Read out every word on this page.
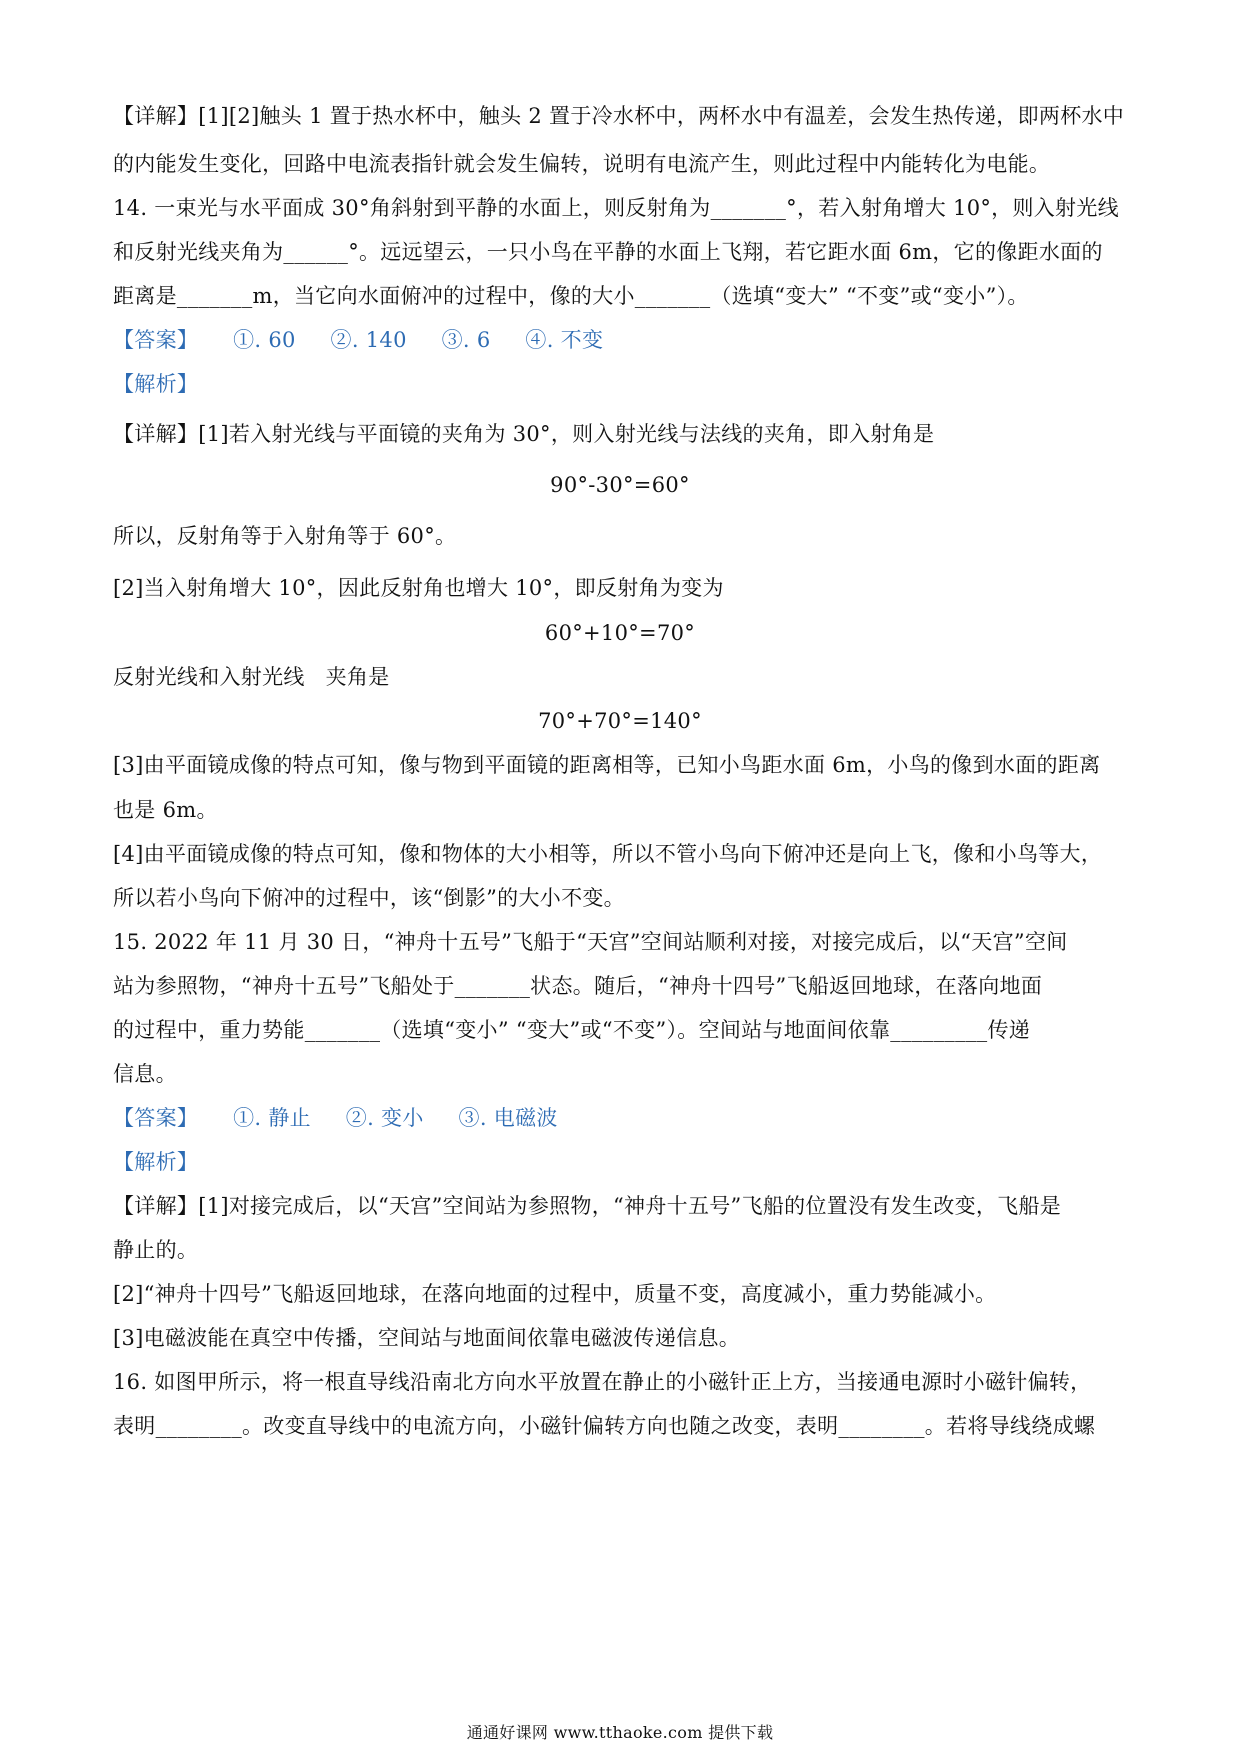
【详解】[1][2]触头 1 置于热水杯中，触头 2 置于冷水杯中，两杯水中有温差，会发生热传递，即两杯水中
的内能发生变化，回路中电流表指针就会发生偏转，说明有电流产生，则此过程中内能转化为电能。
14. 一束光与水平面成 30°角斜射到平静的水面上，则反射角为_______°，若入射角增大 10°，则入射光线
和反射光线夹角为______°。远远望云，一只小鸟在平静的水面上飞翔，若它距水面 6m，它的像距水面的
距离是_______m，当它向水面俯冲的过程中，像的大小_______（选填“变大” “不变”或“变小”）。
【答案】     ①. 60     ②. 140     ③. 6     ④. 不变
【解析】
【详解】[1]若入射光线与平面镜的夹角为 30°，则入射光线与法线的夹角，即入射角是
90°-30°=60°
所以，反射角等于入射角等于 60°。
[2]当入射角增大 10°，因此反射角也增大 10°，即反射角为变为
60°+10°=70°
反射光线和入射光线   夹角是
70°+70°=140°
[3]由平面镜成像的特点可知，像与物到平面镜的距离相等，已知小鸟距水面 6m，小鸟的像到水面的距离
也是 6m。
[4]由平面镜成像的特点可知，像和物体的大小相等，所以不管小鸟向下俯冲还是向上飞，像和小鸟等大，
所以若小鸟向下俯冲的过程中，该“倒影”的大小不变。
15. 2022 年 11 月 30 日，“神舟十五号”飞船于“天宫”空间站顺利对接，对接完成后，以“天宫”空间
站为参照物，“神舟十五号”飞船处于_______状态。随后，“神舟十四号”飞船返回地球，在落向地面
的过程中，重力势能_______（选填“变小” “变大”或“不变”）。空间站与地面间依靠_________传递
信息。
【答案】     ①. 静止     ②. 变小     ③. 电磁波
【解析】
【详解】[1]对接完成后，以“天宫”空间站为参照物，“神舟十五号”飞船的位置没有发生改变，飞船是
静止的。
[2]“神舟十四号”飞船返回地球，在落向地面的过程中，质量不变，高度减小，重力势能减小。
[3]电磁波能在真空中传播，空间站与地面间依靠电磁波传递信息。
16. 如图甲所示，将一根直导线沿南北方向水平放置在静止的小磁针正上方，当接通电源时小磁针偏转，
表明________。改变直导线中的电流方向，小磁针偏转方向也随之改变，表明________。若将导线绕成螺
通通好课网 www.tthaoke.com 提供下载
